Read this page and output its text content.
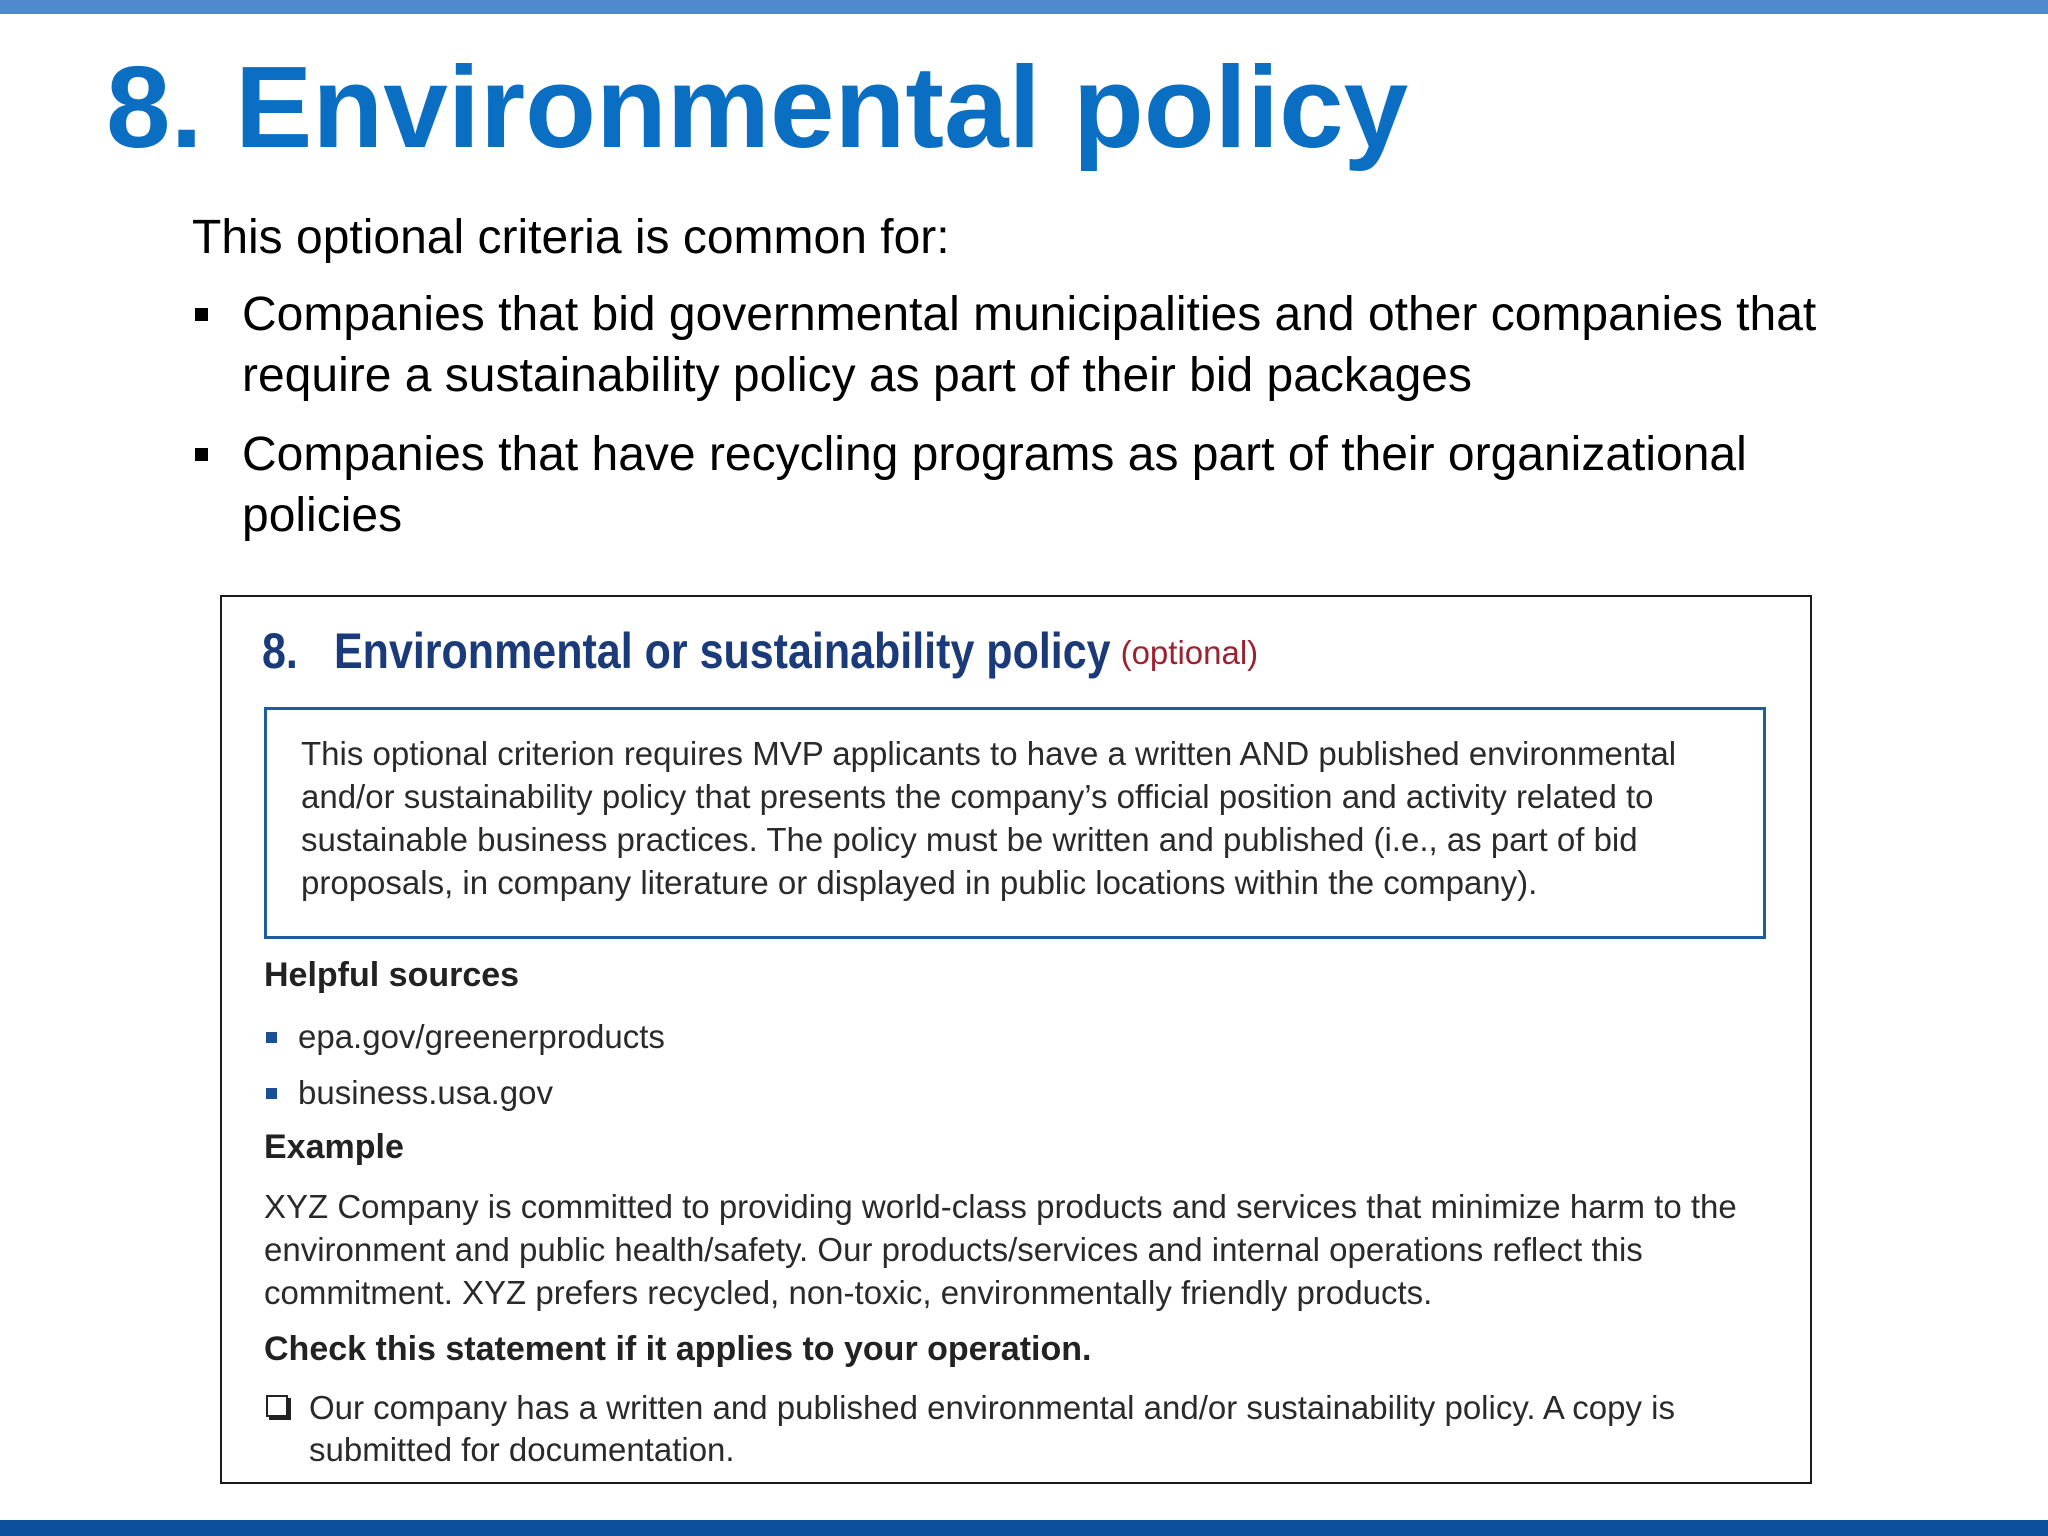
8. Environmental policy

This optional criteria is common for:

Companies that bid governmental municipalities and other companies that require a sustainability policy as part of their bid packages
Companies that have recycling programs as part of their organizational policies
8. Environmental or sustainability policy (optional)
This optional criterion requires MVP applicants to have a written AND published environmental and/or sustainability policy that presents the company’s official position and activity related to sustainable business practices. The policy must be written and published (i.e., as part of bid proposals, in company literature or displayed in public locations within the company).
Helpful sources
epa.gov/greenerproducts
business.usa.gov
Example

XYZ Company is committed to providing world-class products and services that minimize harm to the environment and public health/safety. Our products/services and internal operations reflect this commitment. XYZ prefers recycled, non-toxic, environmentally friendly products.

Check this statement if it applies to your operation.

Our company has a written and published environmental and/or sustainability policy. A copy is submitted for documentation.
